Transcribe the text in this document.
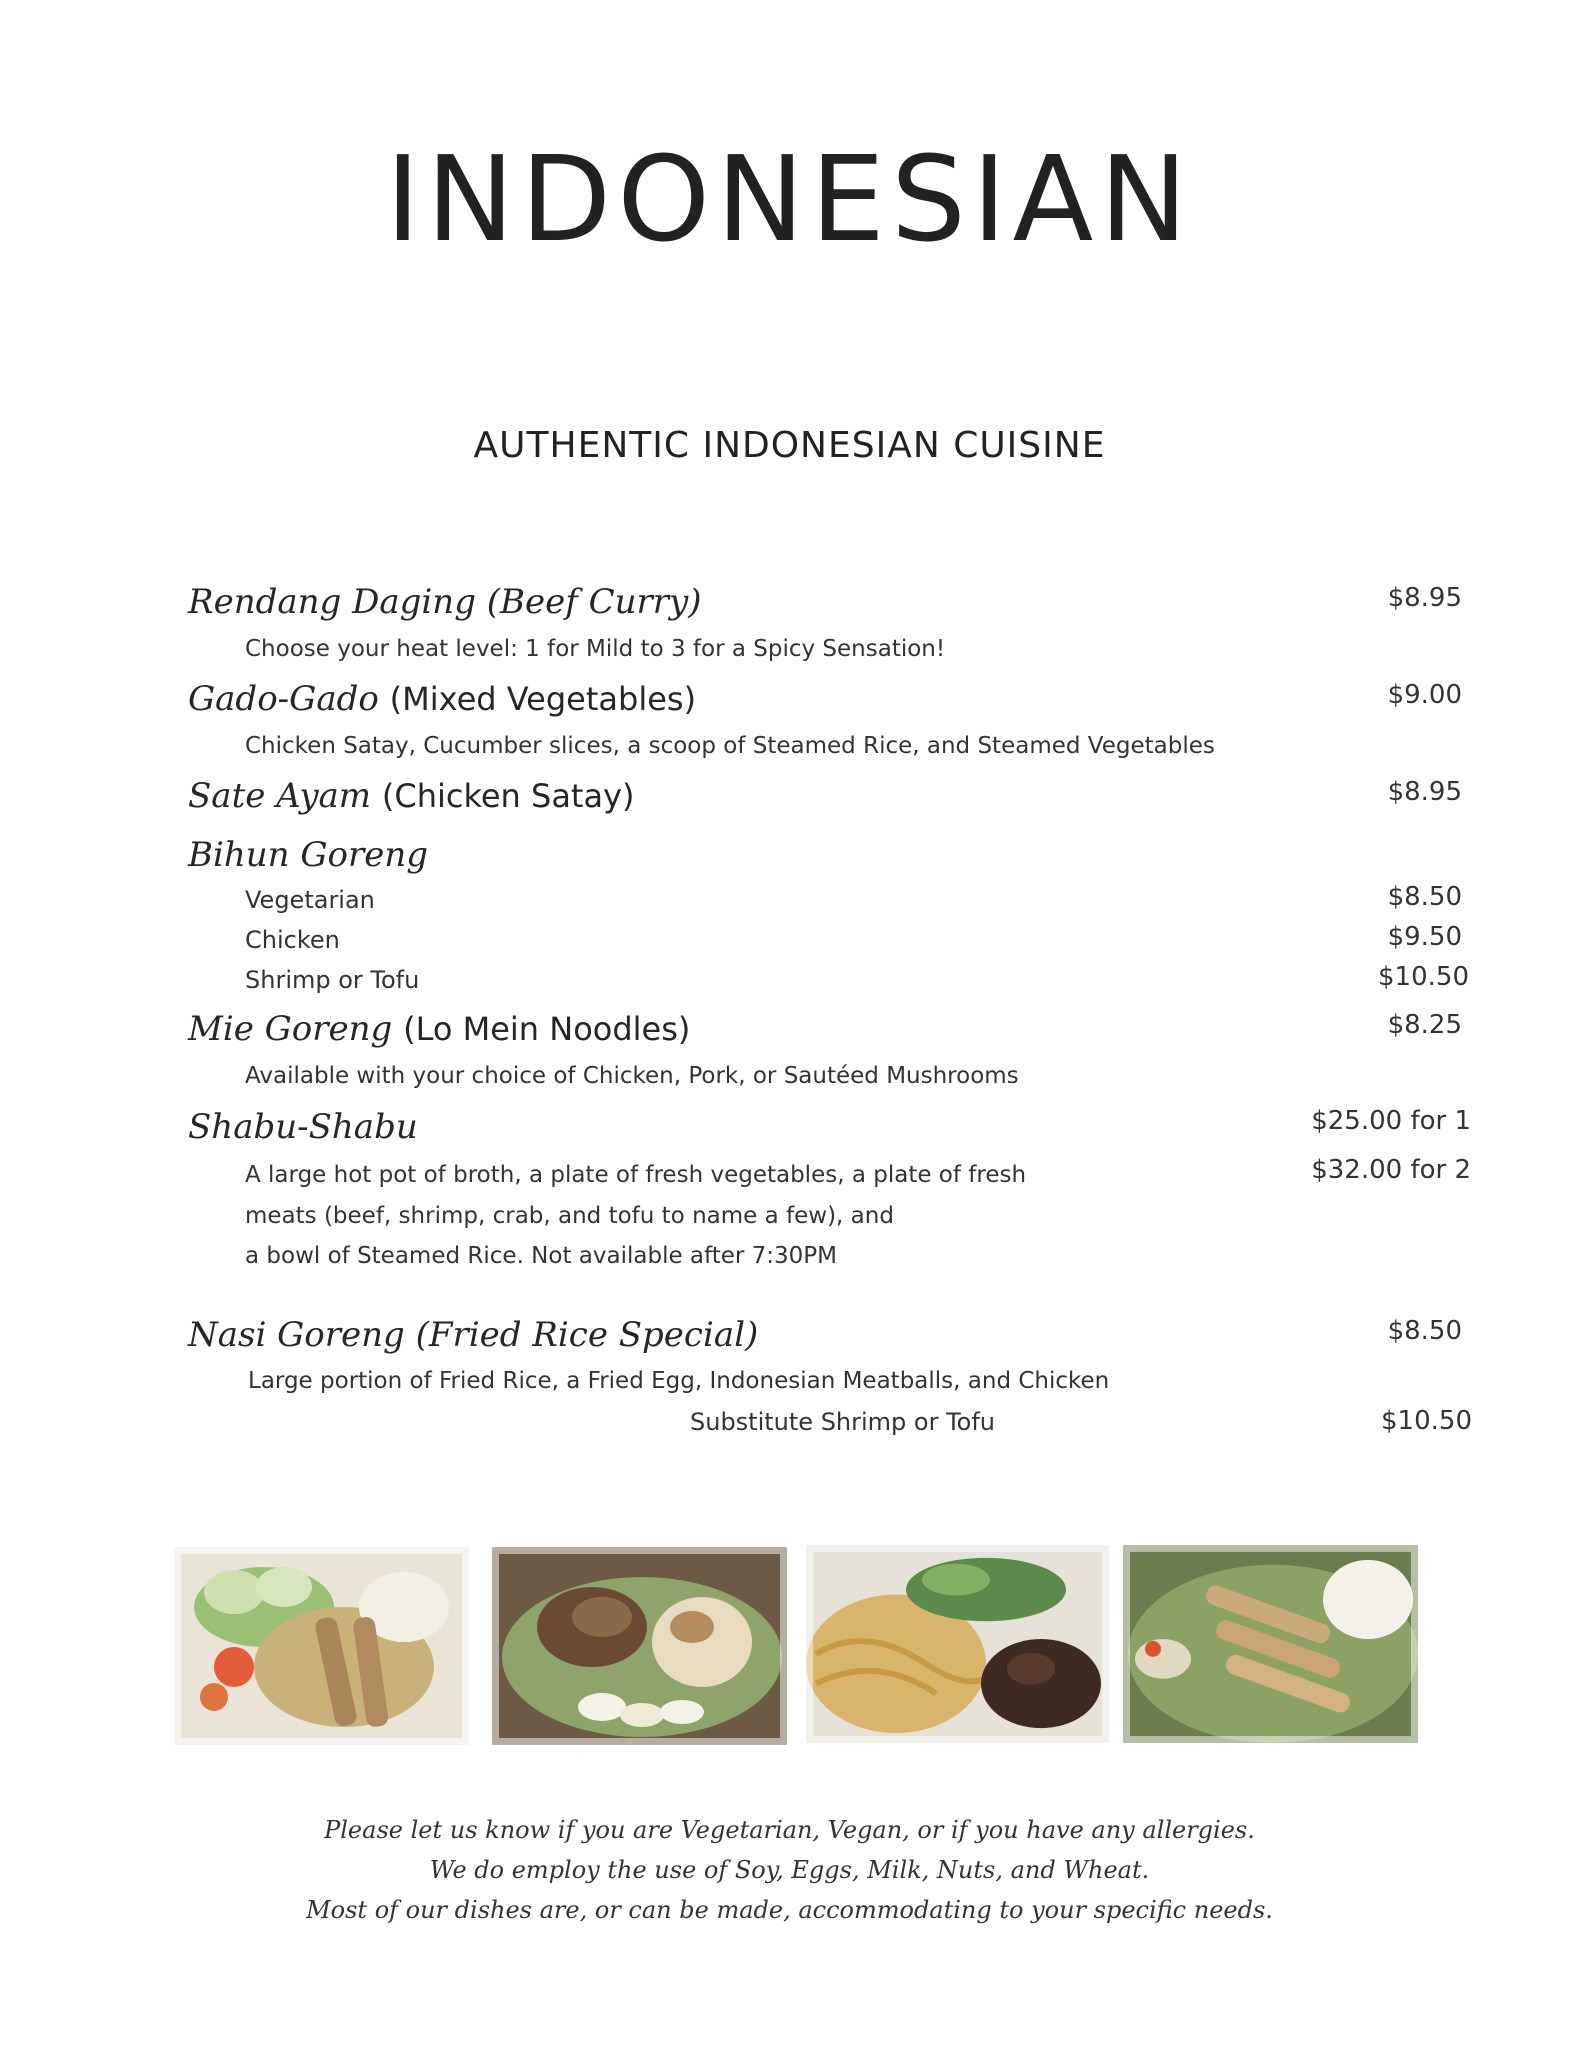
INDONESIAN
AUTHENTIC INDONESIAN CUISINE
Rendang Daging (Beef Curry)	$8.95
Choose your heat level: 1 for Mild to 3 for a Spicy Sensation!
Gado-Gado (Mixed Vegetables)	$9.00
Chicken Satay, Cucumber slices, a scoop of Steamed Rice, and Steamed Vegetables
Sate Ayam (Chicken Satay)	$8.95
Bihun Goreng
Vegetarian	$8.50
Chicken	$9.50
Shrimp or Tofu	$10.50
Mie Goreng (Lo Mein Noodles)	$8.25
Available with your choice of Chicken, Pork, or Sautéed Mushrooms
Shabu-Shabu	$25.00 for 1
$32.00 for 2
A large hot pot of broth, a plate of fresh vegetables, a plate of fresh
meats (beef, shrimp, crab, and tofu to name a few), and
a bowl of Steamed Rice. Not available after 7:30PM
Nasi Goreng (Fried Rice Special)	$8.50
Large portion of Fried Rice, a Fried Egg, Indonesian Meatballs, and Chicken
Substitute Shrimp or Tofu	$10.50
Please let us know if you are Vegetarian, Vegan, or if you have any allergies.
We do employ the use of Soy, Eggs, Milk, Nuts, and Wheat.
Most of our dishes are, or can be made, accommodating to your specific needs.
